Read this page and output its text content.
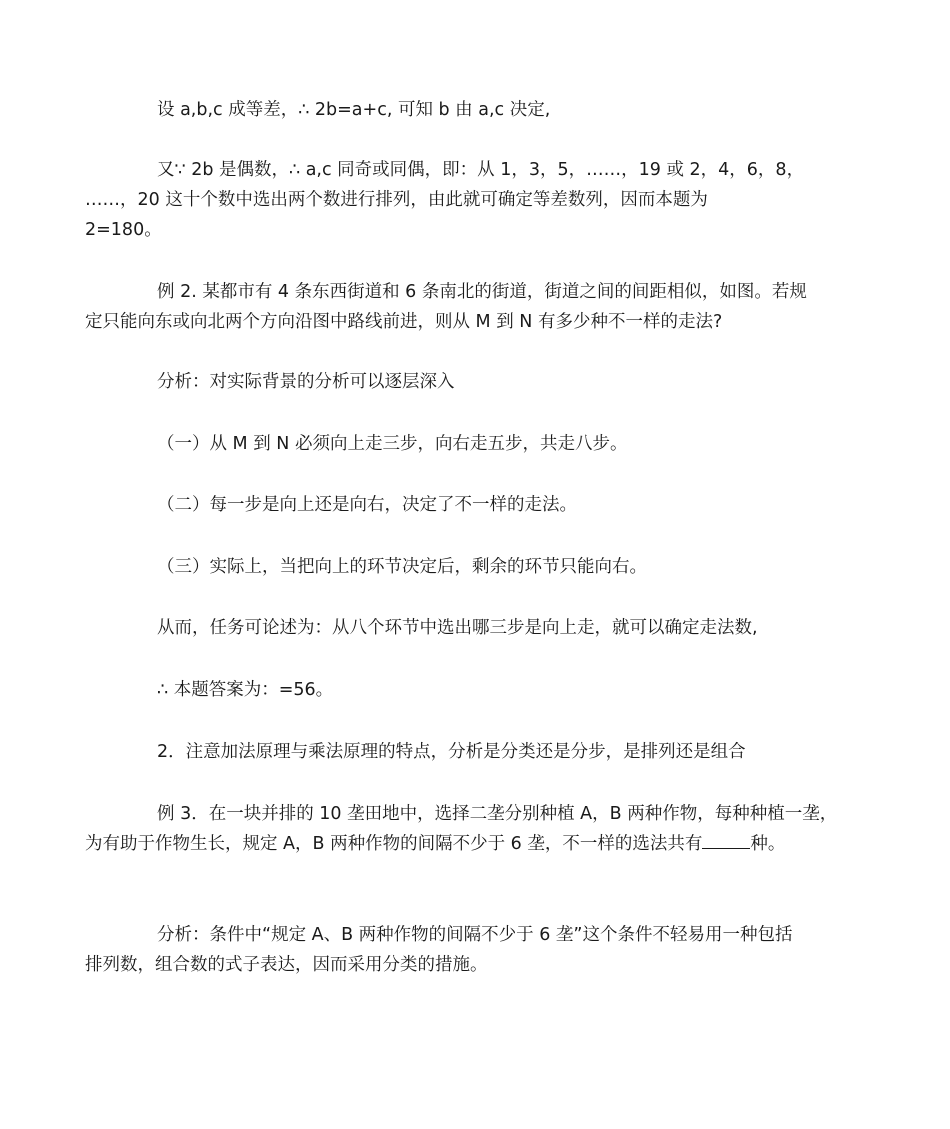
设 a,b,c 成等差，∴ 2b=a+c, 可知 b 由 a,c 决定,

又∵ 2b 是偶数，∴ a,c 同奇或同偶，即：从 1，3，5，……，19 或 2，4，6，8，
……，20 这十个数中选出两个数进行排列，由此就可确定等差数列，因而本题为
2=180。

例 2. 某都市有 4 条东西街道和 6 条南北的街道，街道之间的间距相似，如图。若规
定只能向东或向北两个方向沿图中路线前进，则从 M 到 N 有多少种不一样的走法?

分析：对实际背景的分析可以逐层深入

（一）从 M 到 N 必须向上走三步，向右走五步，共走八步。

（二）每一步是向上还是向右，决定了不一样的走法。

（三）实际上，当把向上的环节决定后，剩余的环节只能向右。

从而，任务可论述为：从八个环节中选出哪三步是向上走，就可以确定走法数,

∴ 本题答案为：=56。

2．注意加法原理与乘法原理的特点，分析是分类还是分步，是排列还是组合

例 3．在一块并排的 10 垄田地中，选择二垄分别种植 A，B 两种作物，每种种植一垄，
为有助于作物生长，规定 A，B 两种作物的间隔不少于 6 垄，不一样的选法共有	种。

分析：条件中“规定 A、B 两种作物的间隔不少于 6 垄”这个条件不轻易用一种包括
排列数，组合数的式子表达，因而采用分类的措施。
